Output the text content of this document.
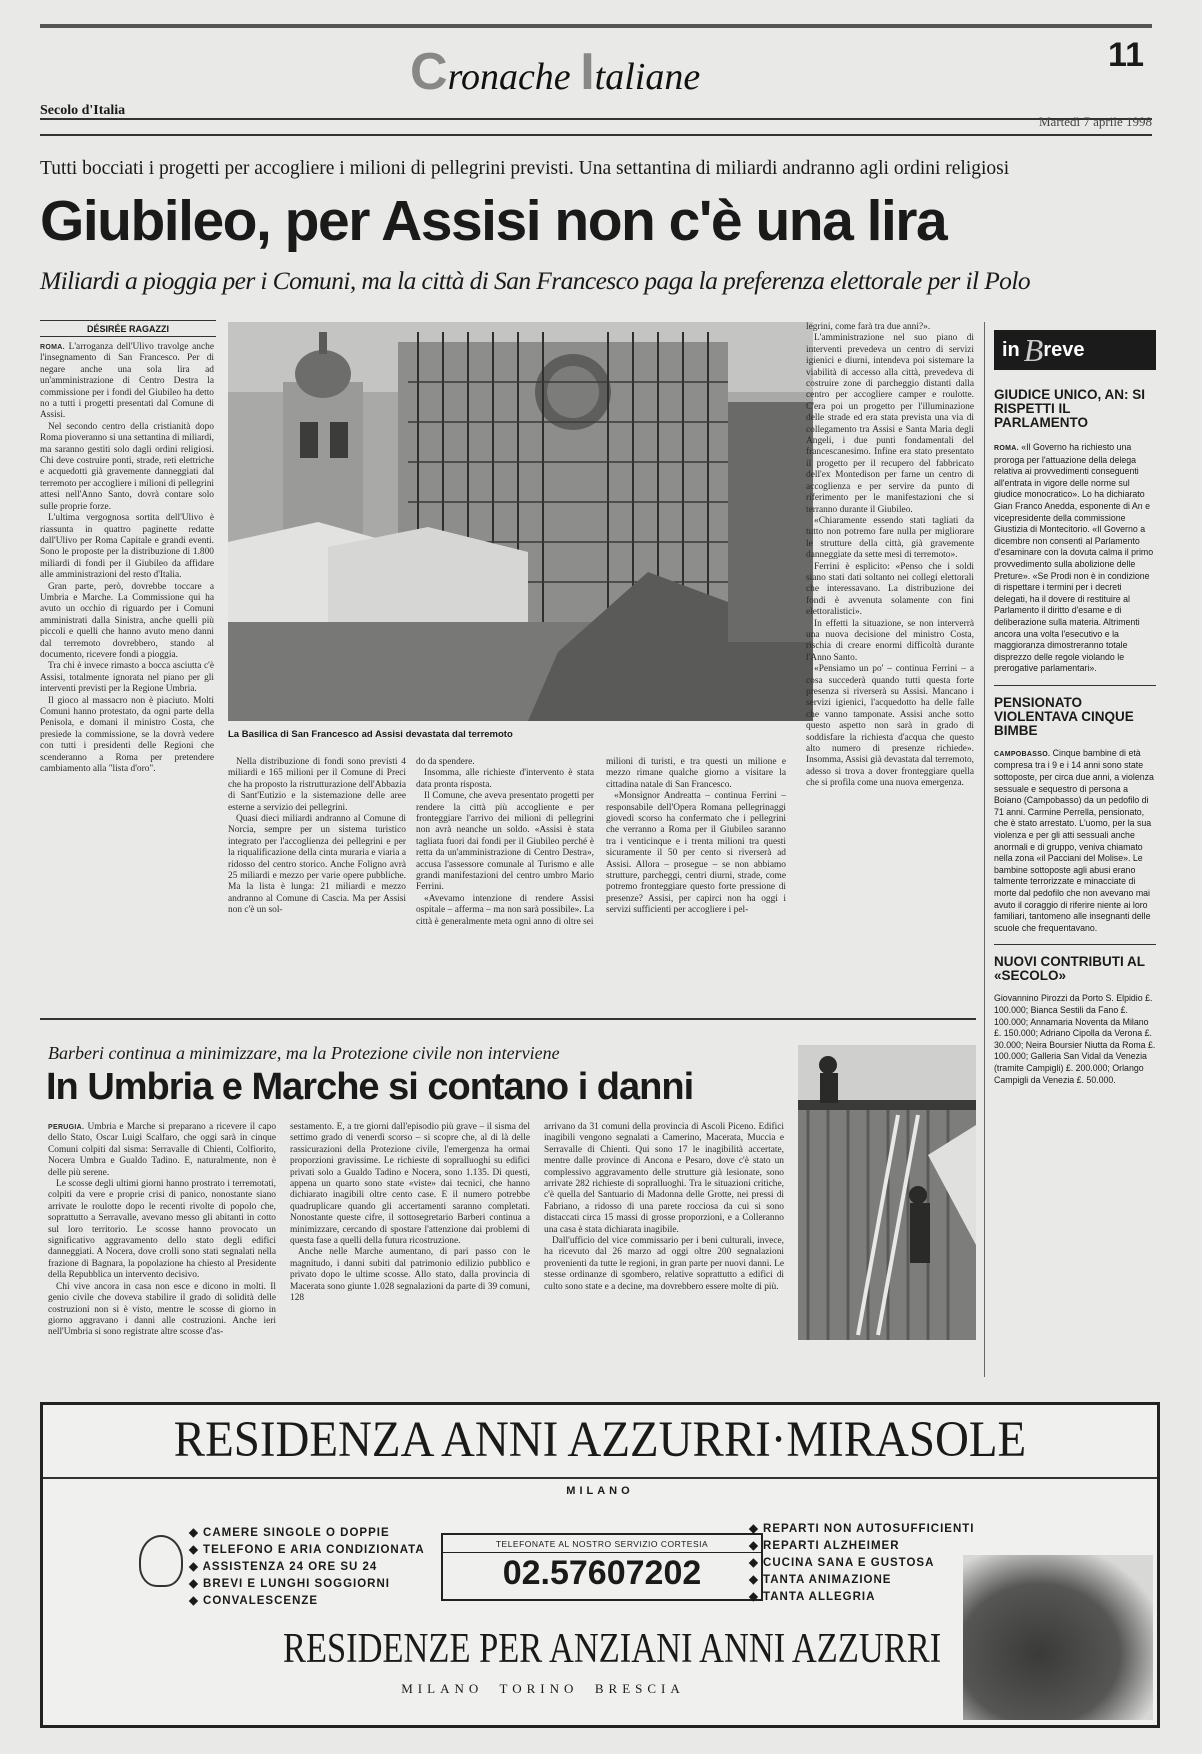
Cronache Italiane
11
Secolo d'Italia
Martedì 7 aprile 1998
Tutti bocciati i progetti per accogliere i milioni di pellegrini previsti. Una settantina di miliardi andranno agli ordini religiosi
Giubileo, per Assisi non c'è una lira
Miliardi a pioggia per i Comuni, ma la città di San Francesco paga la preferenza elettorale per il Polo
DÉSIRÉE RAGAZZI

ROMA. L'arroganza dell'Ulivo travolge anche l'insegnamento di San Francesco. Per di negare anche una sola lira ad un'amministrazione di Centro Destra la commissione per i fondi del Giubileo ha detto no a tutti i progetti presentati dal Comune di Assisi.

Nel secondo centro della cristianità dopo Roma pioveranno si una settantina di miliardi, ma saranno gestiti solo dagli ordini religiosi. Chi deve costruire ponti, strade, reti elettriche e acquedotti già gravemente danneggiati dal terremoto per accogliere i milioni di pellegrini attesi nell'Anno Santo, dovrà contare solo sulle proprie forze.

L'ultima vergognosa sortita dell'Ulivo è riassunta in quattro paginette redatte dall'Ulivo per Roma Capitale e grandi eventi. Sono le proposte per la distribuzione di 1.800 miliardi di fondi per il Giubileo da affidare alle amministrazioni del resto d'Italia.

Gran parte, però, dovrebbe toccare a Umbria e Marche. La Commissione qui ha avuto un occhio di riguardo per i Comuni amministrati dalla Sinistra, anche quelli più piccoli e quelli che hanno avuto meno danni dal terremoto dovrebbero, stando al documento, ricevere fondi a pioggia.

Tra chi è invece rimasto a bocca asciutta c'è Assisi, totalmente ignorata nel piano per gli interventi previsti per la Regione Umbria.

Il gioco al massacro non è piaciuto. Molti Comuni hanno protestato, da ogni parte della Penisola, e domani il ministro Costa, che presiede la commissione, se la dovrà vedere con tutti i presidenti delle Regioni che scenderanno a Roma per pretendere cambiamento alla "lista d'oro".

La Basilica di San Francesco ad Assisi devastata dal terremoto

Nella distribuzione di fondi sono previsti 4 miliardi e 165 milioni per il Comune di Preci che ha proposto la ristrutturazione dell'Abbazia di Sant'Eutizio e la sistemazione delle aree esterne a servizio dei pellegrini.

Quasi dieci miliardi andranno al Comune di Norcia, sempre per un sistema turistico integrato per l'accoglienza dei pellegrini e per la riqualificazione della cinta muraria e viaria a ridosso del centro storico. Anche Foligno avrà 25 miliardi e mezzo per varie opere pubbliche. Ma la lista è lunga: 21 miliardi e mezzo andranno al Comune di Cascia. Ma per Assisi non c'è un sol-

do da spendere.

Insomma, alle richieste d'intervento è stata data pronta risposta.

Il Comune, che aveva presentato progetti per rendere la città più accogliente e per fronteggiare l'arrivo dei milioni di pellegrini non avrà neanche un soldo. «Assisi è stata tagliata fuori dai fondi per il Giubileo perché è retta da un'amministrazione di Centro Destra», accusa l'assessore comunale al Turismo e alle grandi manifestazioni del centro umbro Mario Ferrini.

«Avevamo intenzione di rendere Assisi ospitale – afferma – ma non sarà possibile». La città è generalmente meta ogni anno di oltre sei

milioni di turisti, e tra questi un milione e mezzo rimane qualche giorno a visitare la cittadina natale di San Francesco.

«Monsignor Andreatta – continua Ferrini – responsabile dell'Opera Romana pellegrinaggi giovedì scorso ha confermato che i pellegrini che verranno a Roma per il Giubileo saranno tra i venticinque e i trenta milioni tra questi sicuramente il 50 per cento si riverserà ad Assisi. Allora – prosegue – se non abbiamo strutture, parcheggi, centri diurni, strade, come potremo fronteggiare questo forte pressione di presenze? Assisi, per capirci non ha oggi i servizi sufficienti per accogliere i pel-

legrini, come farà tra due anni?».

L'amministrazione nel suo piano di interventi prevedeva un centro di servizi igienici e diurni, intendeva poi sistemare la viabilità di accesso alla città, prevedeva di costruire zone di parcheggio distanti dalla centro per accogliere camper e roulotte. C'era poi un progetto per l'illuminazione delle strade ed era stata prevista una via di collegamento tra Assisi e Santa Maria degli Angeli, i due punti fondamentali del francescanesimo. Infine era stato presentato il progetto per il recupero del fabbricato dell'ex Montedison per farne un centro di accoglienza e per servire da punto di riferimento per le manifestazioni che si terranno durante il Giubileo.

«Chiaramente essendo stati tagliati da tutto non potremo fare nulla per migliorare le strutture della città, già gravemente danneggiate da sette mesi di terremoto».

Ferrini è esplicito: «Penso che i soldi siano stati dati soltanto nei collegi elettorali che interessavano. La distribuzione dei fondi è avvenuta solamente con fini elettoralistici».

In effetti la situazione, se non interverrà una nuova decisione del ministro Costa, rischia di creare enormi difficoltà durante l'Anno Santo.

«Pensiamo un po' – continua Ferrini – a cosa succederà quando tutti questa forte presenza si riverserà su Assisi. Mancano i servizi igienici, l'acquedotto ha delle falle che vanno tamponate. Assisi anche sotto questo aspetto non sarà in grado di soddisfare la richiesta d'acqua che questo alto numero di presenze richiede». Insomma, Assisi già devastata dal terremoto, adesso si trova a dover fronteggiare quella che si profila come una nuova emergenza.

in B reve
GIUDICE UNICO, AN: SI RISPETTI IL PARLAMENTO
ROMA. «Il Governo ha richiesto una proroga per l'attuazione della delega relativa ai provvedimenti conseguenti all'entrata in vigore delle norme sul giudice monocratico». Lo ha dichiarato Gian Franco Anedda, esponente di An e vicepresidente della commissione Giustizia di Montecitorio. «Il Governo a dicembre non consentì al Parlamento d'esaminare con la dovuta calma il primo provvedimento sulla abolizione delle Preture». «Se Prodi non è in condizione di rispettare i termini per i decreti delegati, ha il dovere di restituire al Parlamento il diritto d'esame e di deliberazione sulla materia. Altrimenti ancora una volta l'esecutivo e la maggioranza dimostreranno totale disprezzo delle regole violando le prerogative parlamentari».
PENSIONATO VIOLENTAVA CINQUE BIMBE
CAMPOBASSO. Cinque bambine di età compresa tra i 9 e i 14 anni sono state sottoposte, per circa due anni, a violenza sessuale e sequestro di persona a Boiano (Campobasso) da un pedofilo di 71 anni. Carmine Perrella, pensionato, che è stato arrestato. L'uomo, per la sua violenza e per gli atti sessuali anche anormali e di gruppo, veniva chiamato nella zona «il Pacciani del Molise». Le bambine sottoposte agli abusi erano talmente terrorizzate e minacciate di morte dal pedofilo che non avevano mai avuto il coraggio di riferire niente ai loro familiari, tantomeno alle insegnanti delle scuole che frequentavano.
NUOVI CONTRIBUTI AL «SECOLO»
Giovannino Pirozzi da Porto S. Elpidio £. 100.000; Bianca Sestili da Fano £. 100.000; Annamaria Noventa da Milano £. 150.000; Adriano Cipolla da Verona £. 30.000; Neira Boursier Niutta da Roma £. 100.000; Galleria San Vidal da Venezia (tramite Campigli) £. 200.000; Orlango Campigli da Venezia £. 50.000.
Barberi continua a minimizzare, ma la Protezione civile non interviene
In Umbria e Marche si contano i danni

PERUGIA. Umbria e Marche si preparano a ricevere il capo dello Stato, Oscar Luigi Scalfaro, che oggi sarà in cinque Comuni colpiti dal sisma: Serravalle di Chienti, Colfiorito, Nocera Umbra e Gualdo Tadino. E, naturalmente, non è delle più serene.

Le scosse degli ultimi giorni hanno prostrato i terremotati, colpiti da vere e proprie crisi di panico, nonostante siano arrivate le roulotte dopo le recenti rivolte di popolo che, soprattutto a Serravalle, avevano messo gli abitanti in cotto sul loro territorio. Le scosse hanno provocato un significativo aggravamento dello stato degli edifici danneggiati. A Nocera, dove crolli sono stati segnalati nella frazione di Bagnara, la popolazione ha chiesto al Presidente della Repubblica un intervento decisivo.

Chi vive ancora in casa non esce e dicono in molti. Il genio civile che doveva stabilire il grado di solidità delle costruzioni non si è visto, mentre le scosse di giorno in giorno aggravano i danni alle costruzioni. Anche ieri nell'Umbria si sono registrate altre scosse d'as-

sestamento. E, a tre giorni dall'episodio più grave – il sisma del settimo grado di venerdì scorso – si scopre che, al di là delle rassicurazioni della Protezione civile, l'emergenza ha ormai proporzioni gravissime. Le richieste di sopralluoghi su edifici privati solo a Gualdo Tadino e Nocera, sono 1.135. Di questi, appena un quarto sono state «viste» dai tecnici, che hanno dichiarato inagibili oltre cento case. E il numero potrebbe quadruplicare quando gli accertamenti saranno completati. Nonostante queste cifre, il sottosegretario Barberi continua a minimizzare, cercando di spostare l'attenzione dai problemi di questa fase a quelli della futura ricostruzione.

Anche nelle Marche aumentano, di pari passo con le magnitudo, i danni subiti dal patrimonio edilizio pubblico e privato dopo le ultime scosse. Allo stato, dalla provincia di Macerata sono giunte 1.028 segnalazioni da parte di 39 comuni, 128

arrivano da 31 comuni della provincia di Ascoli Piceno. Edifici inagibili vengono segnalati a Camerino, Macerata, Muccia e Serravalle di Chienti. Qui sono 17 le inagibilità accertate, mentre dalle province di Ancona e Pesaro, dove c'è stato un complessivo aggravamento delle strutture già lesionate, sono arrivate 282 richieste di sopralluoghi. Tra le situazioni critiche, c'è quella del Santuario di Madonna delle Grotte, nei pressi di Fabriano, a ridosso di una parete rocciosa da cui si sono distaccati circa 15 massi di grosse proporzioni, e a Colleranno una casa è stata dichiarata inagibile.

Dall'ufficio del vice commissario per i beni culturali, invece, ha ricevuto dal 26 marzo ad oggi oltre 200 segnalazioni provenienti da tutte le regioni, in gran parte per nuovi danni. Le stesse ordinanze di sgombero, relative soprattutto a edifici di culto sono state e a decine, ma dovrebbero essere molte di più.

RESIDENZA ANNI AZZURRI·MIRASOLE
MILANO
◆ CAMERE SINGOLE O DOPPIE
◆ TELEFONO E ARIA CONDIZIONATA
◆ ASSISTENZA 24 ORE SU 24
◆ BREVI E LUNGHI SOGGIORNI
◆ CONVALESCENZE
TELEFONATE AL NOSTRO SERVIZIO CORTESIA
02.57607202
◆ REPARTI NON AUTOSUFFICIENTI
◆ REPARTI ALZHEIMER
◆ CUCINA SANA E GUSTOSA
◆ TANTA ANIMAZIONE
◆ TANTA ALLEGRIA
RESIDENZE PER ANZIANI ANNI AZZURRI
MILANO  TORINO  BRESCIA
